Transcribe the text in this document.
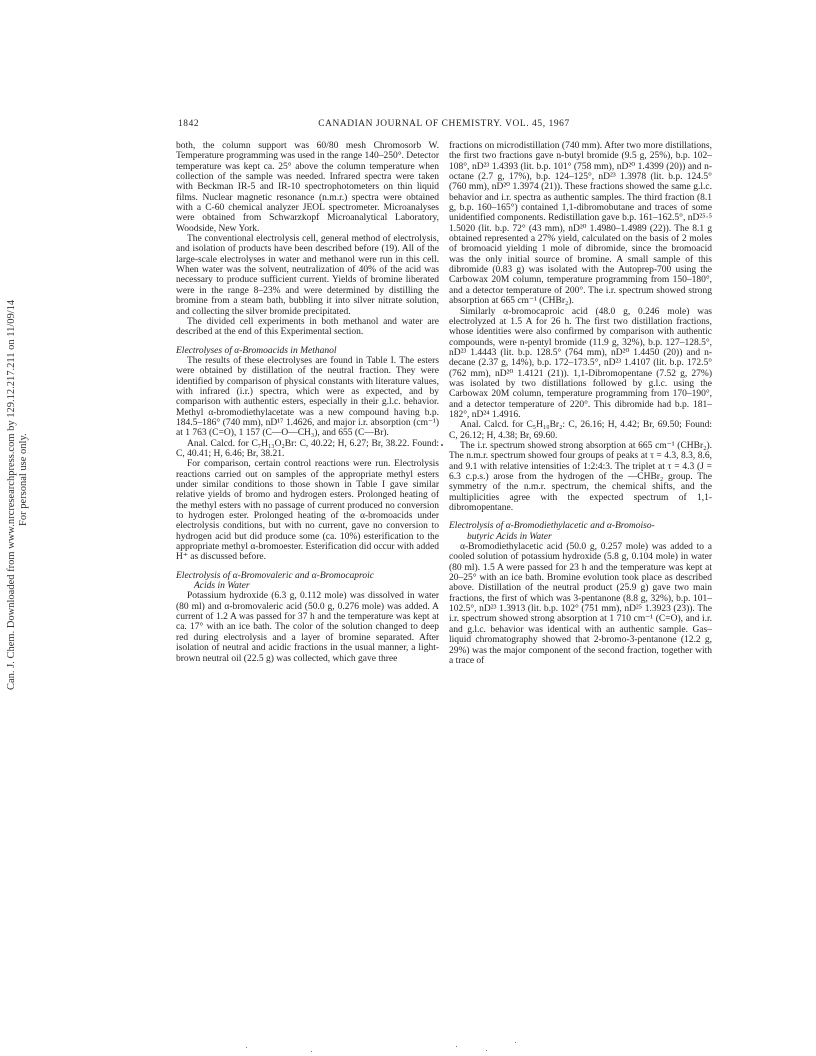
1842	CANADIAN JOURNAL OF CHEMISTRY. VOL. 45, 1967
Can. J. Chem. Downloaded from www.nrcresearchpress.com by 129.12.217.211 on 11/09/14 For personal use only.

both, the column support was 60/80 mesh Chromosorb W. Temperature programming was used in the range 140–250°. Detector temperature was kept ca. 25° above the column temperature when collection of the sample was needed. Infrared spectra were taken with Beckman IR-5 and IR-10 spectrophotometers on thin liquid films. Nuclear magnetic resonance (n.m.r.) spectra were obtained with a C-60 chemical analyzer JEOL spectrometer. Microanalyses were obtained from Schwarzkopf Microanalytical Laboratory, Woodside, New York.

The conventional electrolysis cell, general method of electrolysis, and isolation of products have been described before (19). All of the large-scale electrolyses in water and methanol were run in this cell. When water was the solvent, neutralization of 40% of the acid was necessary to produce sufficient current. Yields of bromine liberated were in the range 8–23% and were determined by distilling the bromine from a steam bath, bubbling it into silver nitrate solution, and collecting the silver bromide precipitated.

The divided cell experiments in both methanol and water are described at the end of this Experimental section.

Electrolyses of α-Bromoacids in Methanol

The results of these electrolyses are found in Table I. The esters were obtained by distillation of the neutral fraction. They were identified by comparison of physical constants with literature values, with infrared (i.r.) spectra, which were as expected, and by comparison with authentic esters, especially in their g.l.c. behavior. Methyl α-bromodiethylacetate was a new compound having b.p. 184.5–186° (740 mm), nD¹⁷ 1.4626, and major i.r. absorption (cm⁻¹) at 1 763 (C=O), 1 157 (C—O—CH₃), and 655 (C—Br).

Anal. Calcd. for C₇H₁₃O₂Br: C, 40.22; H, 6.27; Br, 38.22. Found: C, 40.41; H, 6.46; Br, 38.21.

For comparison, certain control reactions were run. Electrolysis reactions carried out on samples of the appropriate methyl esters under similar conditions to those shown in Table I gave similar relative yields of bromo and hydrogen esters. Prolonged heating of the methyl esters with no passage of current produced no conversion to hydrogen ester. Prolonged heating of the α-bromoacids under electrolysis conditions, but with no current, gave no conversion to hydrogen acid but did produce some (ca. 10%) esterification to the appropriate methyl α-bromoester. Esterification did occur with added H⁺ as discussed before.

Electrolysis of α-Bromovaleric and α-Bromocaproic
Acids in Water

Potassium hydroxide (6.3 g, 0.112 mole) was dissolved in water (80 ml) and α-bromovaleric acid (50.0 g, 0.276 mole) was added. A current of 1.2 A was passed for 37 h and the temperature was kept at ca. 17° with an ice bath. The color of the solution changed to deep red during electrolysis and a layer of bromine separated. After isolation of neutral and acidic fractions in the usual manner, a light-brown neutral oil (22.5 g) was collected, which gave three

fractions on microdistillation (740 mm). After two more distillations, the first two fractions gave n-butyl bromide (9.5 g, 25%), b.p. 102–108°, nD²³ 1.4393 (lit. b.p. 101° (758 mm), nD²⁰ 1.4399 (20)) and n-octane (2.7 g, 17%), b.p. 124–125°, nD²³ 1.3978 (lit. b.p. 124.5° (760 mm), nD²⁰ 1.3974 (21)). These fractions showed the same g.l.c. behavior and i.r. spectra as authentic samples. The third fraction (8.1 g, b.p. 160–165°) contained 1,1-dibromobutane and traces of some unidentified components. Redistillation gave b.p. 161–162.5°, nD²⁵·⁵ 1.5020 (lit. b.p. 72° (43 mm), nD²⁰ 1.4980–1.4989 (22)). The 8.1 g obtained represented a 27% yield, calculated on the basis of 2 moles of bromoacid yielding 1 mole of dibromide, since the bromoacid was the only initial source of bromine. A small sample of this dibromide (0.83 g) was isolated with the Autoprep-700 using the Carbowax 20M column, temperature programming from 150–180°, and a detector temperature of 200°. The i.r. spectrum showed strong absorption at 665 cm⁻¹ (CHBr₂).

Similarly α-bromocaproic acid (48.0 g, 0.246 mole) was electrolyzed at 1.5 A for 26 h. The first two distillation fractions, whose identities were also confirmed by comparison with authentic compounds, were n-pentyl bromide (11.9 g, 32%), b.p. 127–128.5°, nD²³ 1.4443 (lit. b.p. 128.5° (764 mm), nD²⁰ 1.4450 (20)) and n-decane (2.37 g, 14%), b.p. 172–173.5°, nD²³ 1.4107 (lit. b.p. 172.5° (762 mm), nD²⁰ 1.4121 (21)). 1,1-Dibromopentane (7.52 g, 27%) was isolated by two distillations followed by g.l.c. using the Carbowax 20M column, temperature programming from 170–190°, and a detector temperature of 220°. This dibromide had b.p. 181–182°, nD²⁴ 1.4916.

Anal. Calcd. for C₅H₁₀Br₂: C, 26.16; H, 4.42; Br, 69.50; Found: C, 26.12; H, 4.38; Br, 69.60.

The i.r. spectrum showed strong absorption at 665 cm⁻¹ (CHBr₂). The n.m.r. spectrum showed four groups of peaks at τ = 4.3, 8.3, 8.6, and 9.1 with relative intensities of 1:2:4:3. The triplet at τ = 4.3 (J = 6.3 c.p.s.) arose from the hydrogen of the —CHBr₂ group. The symmetry of the n.m.r. spectrum, the chemical shifts, and the multiplicities agree with the expected spectrum of 1,1-dibromopentane.

Electrolysis of α-Bromodiethylacetic and α-Bromoiso-
butyric Acids in Water

α-Bromodiethylacetic acid (50.0 g, 0.257 mole) was added to a cooled solution of potassium hydroxide (5.8 g, 0.104 mole) in water (80 ml). 1.5 A were passed for 23 h and the temperature was kept at 20–25° with an ice bath. Bromine evolution took place as described above. Distillation of the neutral product (25.9 g) gave two main fractions, the first of which was 3-pentanone (8.8 g, 32%), b.p. 101–102.5°, nD²³ 1.3913 (lit. b.p. 102° (751 mm), nD²⁵ 1.3923 (23)). The i.r. spectrum showed strong absorption at 1 710 cm⁻¹ (C=O), and i.r. and g.l.c. behavior was identical with an authentic sample. Gas–liquid chromatography showed that 2-bromo-3-pentanone (12.2 g, 29%) was the major component of the second fraction, together with a trace of
